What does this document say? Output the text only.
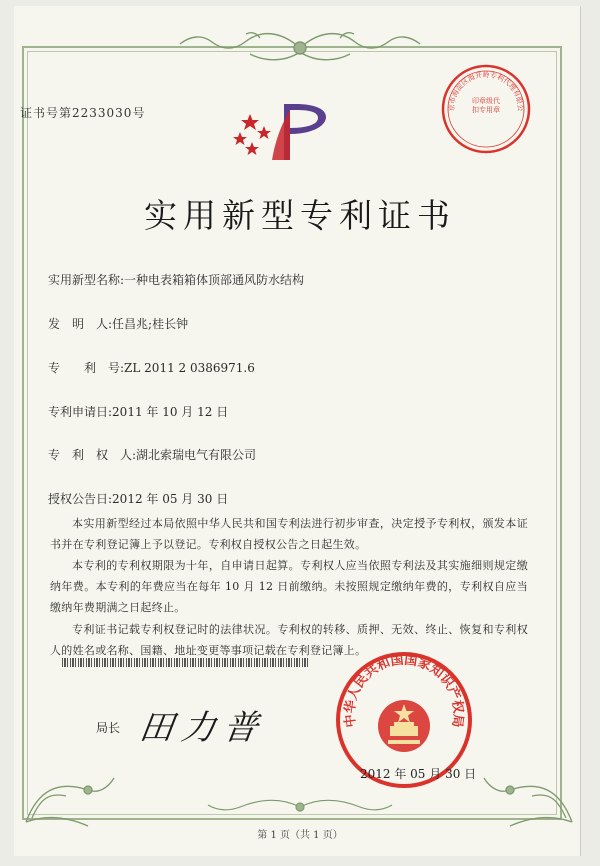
证书号第2233030号	京市海淀区海开岭专利代理有限公
印章级代扣专用章
实用新型专利证书
实用新型名称:一种电表箱箱体顶部通风防水结构
发　明　人:任昌兆;桂长钟
专　　利　号:ZL 2011 2 0386971.6
专利申请日:2011 年 10 月 12 日
专　利　权　人:湖北索瑞电气有限公司
授权公告日:2012 年 05 月 30 日
本实用新型经过本局依照中华人民共和国专利法进行初步审查，决定授予专利权，颁发本证书并在专利登记簿上予以登记。专利权自授权公告之日起生效。
本专利的专利权期限为十年，自申请日起算。专利权人应当依照专利法及其实施细则规定缴纳年费。本专利的年费应当在每年 10 月 12 日前缴纳。未按照规定缴纳年费的，专利权自应当缴纳年费期满之日起终止。
专利证书记载专利权登记时的法律状况。专利权的转移、质押、无效、终止、恢复和专利权人的姓名或名称、国籍、地址变更等事项记载在专利登记簿上。
局长 田力普	中华人民共和国国家知识产权局
2012 年 05 月 30 日
第 1 页（共 1 页）
